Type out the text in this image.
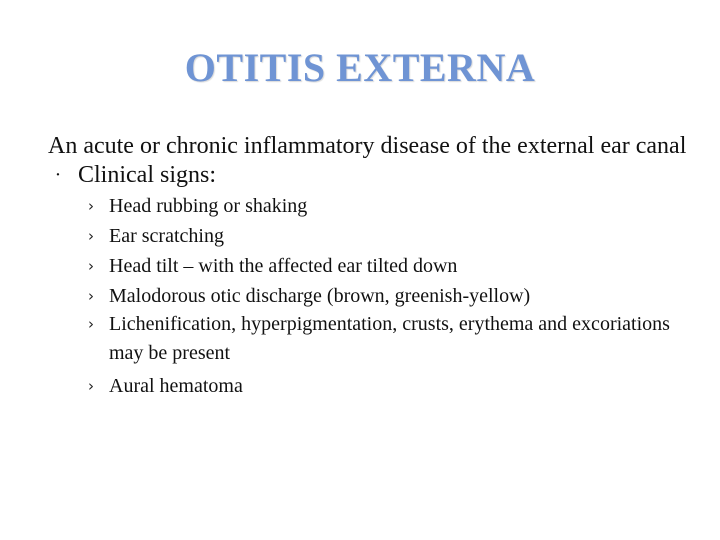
OTITIS EXTERNA

An acute or chronic inflammatory disease of the external ear canal

· Clinical signs:
› Head rubbing or shaking
› Ear scratching
› Head tilt – with the affected ear tilted down
› Malodorous otic discharge (brown, greenish-yellow)
› Lichenification, hyperpigmentation, crusts, erythema and excoriations may be present
› Aural hematoma
